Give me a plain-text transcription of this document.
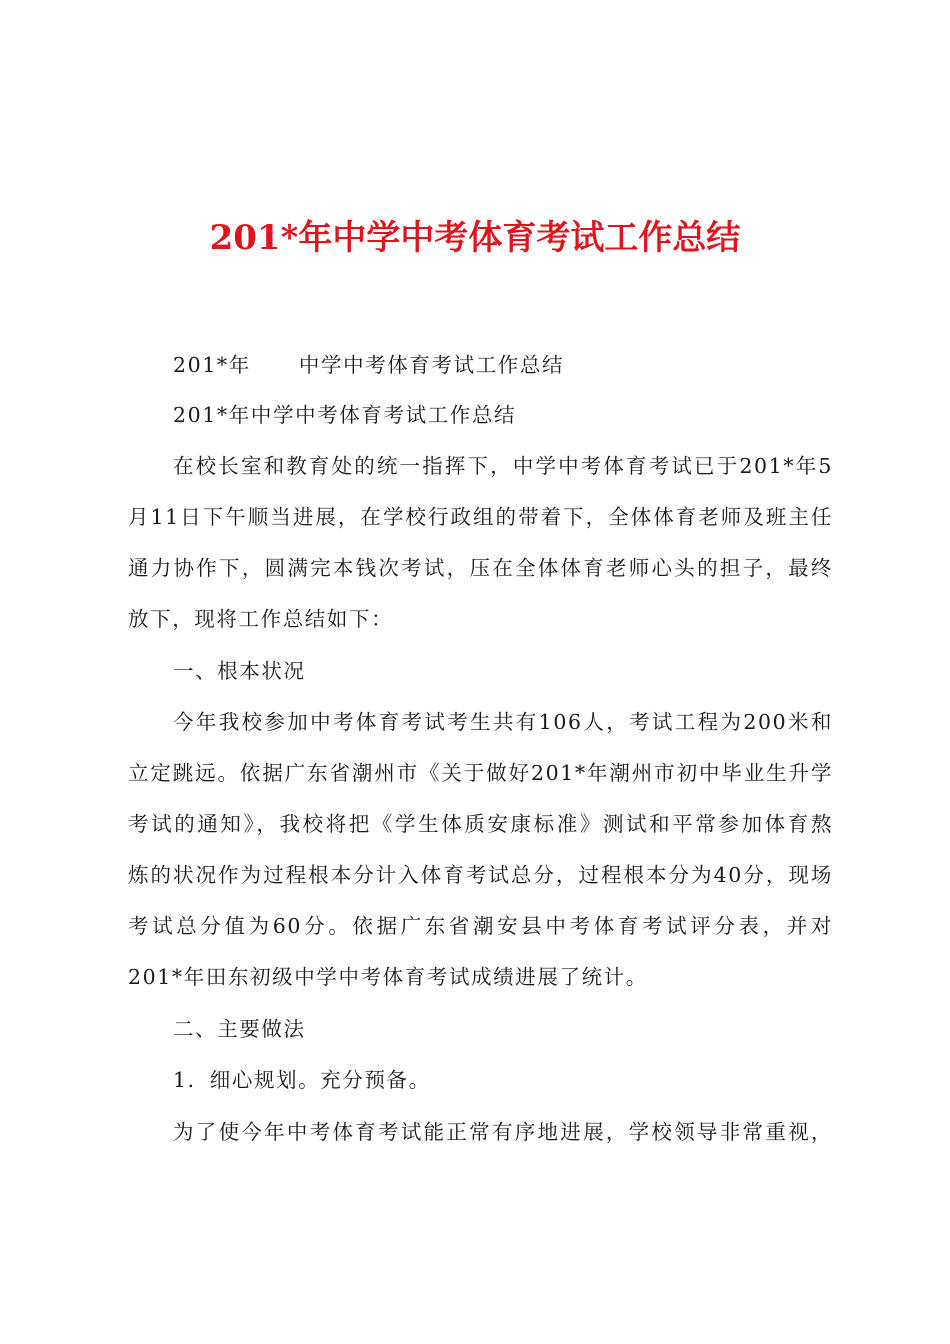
201*年中学中考体育考试工作总结
201*年 中学中考体育考试工作总结
201*年中学中考体育考试工作总结
在校长室和教育处的统一指挥下，中学中考体育考试已于201*年5
月11日下午顺当进展，在学校行政组的带着下，全体体育老师及班主任
通力协作下，圆满完本钱次考试，压在全体体育老师心头的担子，最终
放下，现将工作总结如下：
一、根本状况
今年我校参加中考体育考试考生共有106人，考试工程为200米和
立定跳远。依据广东省潮州市《关于做好201*年潮州市初中毕业生升学
考试的通知》，我校将把《学生体质安康标准》测试和平常参加体育熬
炼的状况作为过程根本分计入体育考试总分，过程根本分为40分，现场
考试总分值为60分。依据广东省潮安县中考体育考试评分表，并对
201*年田东初级中学中考体育考试成绩进展了统计。
二、主要做法
1．细心规划。充分预备。
为了使今年中考体育考试能正常有序地进展，学校领导非常重视，
